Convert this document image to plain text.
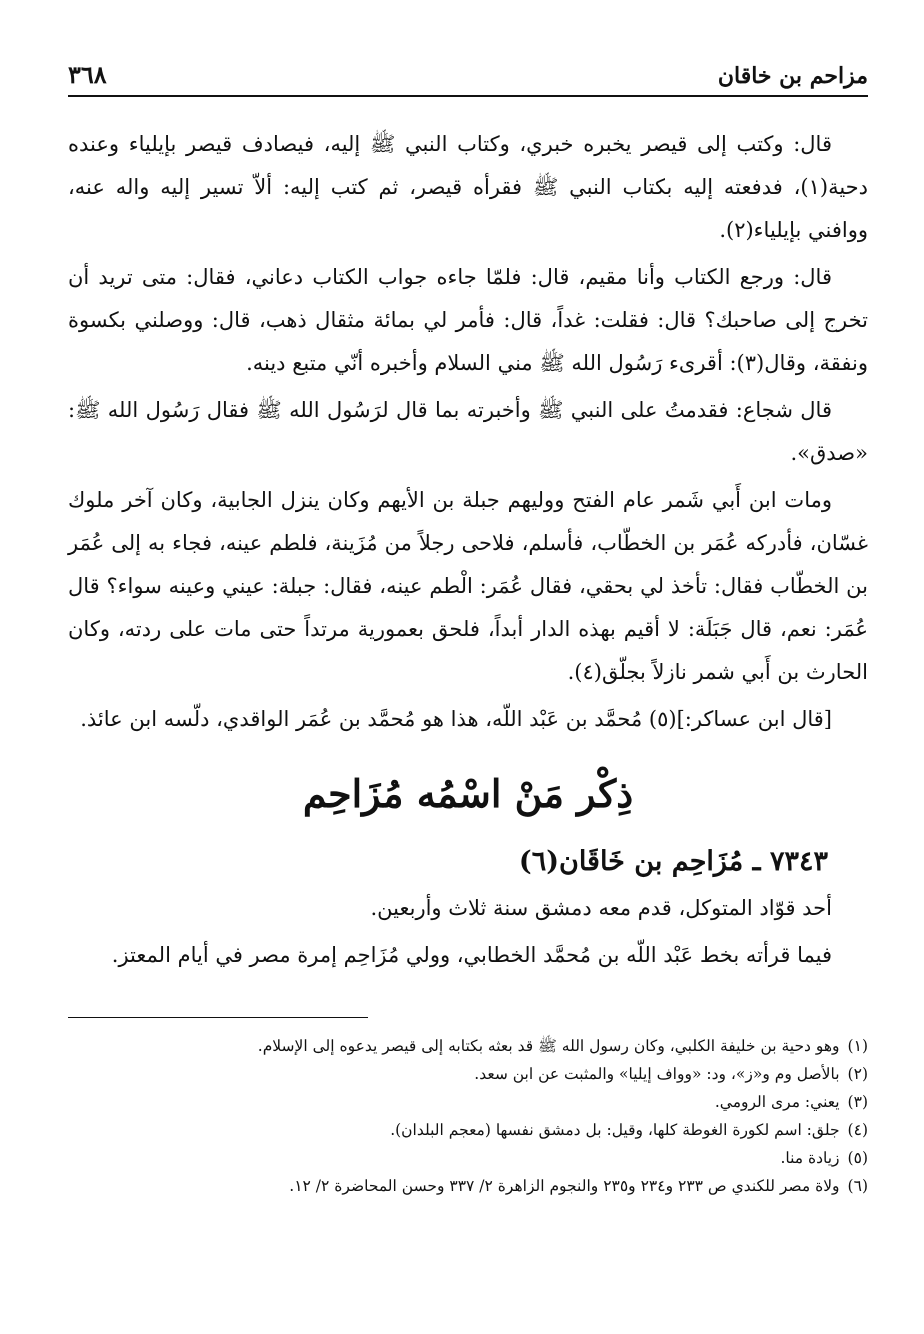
مزاحم بن خاقان
٣٦٨

قال: وكتب إلى قيصر يخبره خبري، وكتاب النبي ﷺ إليه، فيصادف قيصر بإيلياء وعنده دحية(١)، فدفعته إليه بكتاب النبي ﷺ فقرأه قيصر، ثم كتب إليه: ألاّ تسير إليه واله عنه، ووافني بإيلياء(٢).

قال: ورجع الكتاب وأنا مقيم، قال: فلمّا جاءه جواب الكتاب دعاني، فقال: متى تريد أن تخرج إلى صاحبك؟ قال: فقلت: غداً، قال: فأمر لي بمائة مثقال ذهب، قال: ووصلني بكسوة ونفقة، وقال(٣): أقرىء رَسُول الله ﷺ مني السلام وأخبره أنّي متبع دينه.

قال شجاع: فقدمتُ على النبي ﷺ وأخبرته بما قال لرَسُول الله ﷺ فقال رَسُول الله ﷺ: «صدق».

ومات ابن أَبي شَمر عام الفتح ووليهم جبلة بن الأيهم وكان ينزل الجابية، وكان آخر ملوك غسّان، فأدركه عُمَر بن الخطّاب، فأسلم، فلاحى رجلاً من مُزَينة، فلطم عينه، فجاء به إلى عُمَر بن الخطّاب فقال: تأخذ لي بحقي، فقال عُمَر: الْطم عينه، فقال: جبلة: عيني وعينه سواء؟ قال عُمَر: نعم، قال جَبَلَة: لا أقيم بهذه الدار أبداً، فلحق بعمورية مرتداً حتى مات على ردته، وكان الحارث بن أَبي شمر نازلاً بجلّق(٤).

[قال ابن عساكر:](٥) مُحمَّد بن عَبْد اللّه، هذا هو مُحمَّد بن عُمَر الواقدي، دلّسه ابن عائذ.

ذِكْر مَنْ اسْمُه مُزَاحِم
٧٣٤٣ ـ مُزَاحِم بن خَاقَان(٦)

أحد قوّاد المتوكل، قدم معه دمشق سنة ثلاث وأربعين.

فيما قرأته بخط عَبْد اللّه بن مُحمَّد الخطابي، وولي مُزَاحِم إمرة مصر في أيام المعتز.

(١)
وهو دحية بن خليفة الكلبي، وكان رسول الله ﷺ قد بعثه بكتابه إلى قيصر يدعوه إلى الإسلام.
(٢)
بالأصل وم و«ز»، ود: «وواف إيليا» والمثبت عن ابن سعد.
(٣)
يعني: مرى الرومي.
(٤)
جلق: اسم لكورة الغوطة كلها، وقيل: بل دمشق نفسها (معجم البلدان).
(٥)
زيادة منا.
(٦)
ولاة مصر للكندي ص ٢٣٣ و٢٣٤ و٢٣٥ والنجوم الزاهرة ٢/ ٣٣٧ وحسن المحاضرة ٢/ ١٢.
